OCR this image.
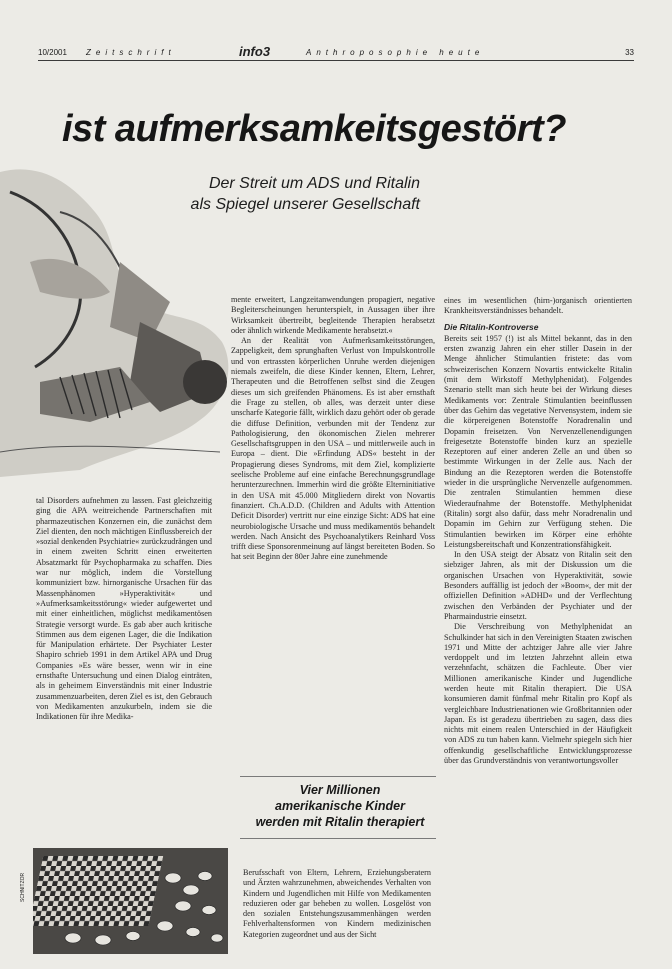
10/2001 Zeitschrift	info3	Anthroposophie heute	33
ist aufmerksamkeitsgestört?
Der Streit um ADS und Ritalin
als Spiegel unserer Gesellschaft

tal Disorders aufnehmen zu lassen. Fast gleichzeitig ging die APA weitreichende Partnerschaften mit pharmazeutischen Konzernen ein, die zunächst dem Ziel dienten, den noch mächtigen Einflussbereich der »sozial denkenden Psychiatrie« zurückzudrängen und in einem zweiten Schritt einen erweiterten Absatzmarkt für Psychopharmaka zu schaffen. Dies war nur möglich, indem die Vorstellung kommuniziert bzw. hirnorganische Ursachen für das Massenphänomen »Hyperaktivität« und »Aufmerksamkeitsstörung« wieder aufgewertet und mit einer einheitlichen, möglichst medikamentösen Strategie versorgt wurde. Es gab aber auch kritische Stimmen aus dem eigenen Lager, die die Indikation für Manipulation erhärtete. Der Psychiater Lester Shapiro schrieb 1991 in dem Artikel APA und Drug Companies »Es wäre besser, wenn wir in eine ernsthafte Untersuchung und einen Dialog einträten, als in geheimem Einverständnis mit einer Industrie zusammenzuarbeiten, deren Ziel es ist, den Gebrauch von Medikamenten anzukurbeln, indem sie die Indikationen für ihre Medika-

mente erweitert, Langzeitanwendungen propagiert, negative Begleiterscheinungen herunterspielt, in Aussagen über ihre Wirksamkeit übertreibt, begleitende Therapien herabsetzt oder ähnlich wirkende Medikamente herabsetzt.«

An der Realität von Aufmerksamkeitsstörungen, Zappeligkeit, dem sprunghaften Verlust von Impulskontrolle und von ertrassten körperlichen Unruhe werden diejenigen niemals zweifeln, die diese Kinder kennen, Eltern, Lehrer, Therapeuten und die Betroffenen selbst sind die Zeugen dieses um sich greifenden Phänomens. Es ist aber ernsthaft die Frage zu stellen, ob alles, was derzeit unter diese unscharfe Kategorie fällt, wirklich dazu gehört oder ob gerade die diffuse Definition, verbunden mit der Tendenz zur Pathologisierung, den ökonomischen Zielen mehrerer Gesellschaftsgruppen in den USA – und mittlerweile auch in Europa – dient. Die »Erfindung ADS« besteht in der Propagierung dieses Syndroms, mit dem Ziel, komplizierte seelische Probleme auf eine einfache Berechnungsgrundlage herunterzurechnen. Immerhin wird die größte Elterninitiative in den USA mit 45.000 Mitgliedern direkt von Novartis finanziert. Ch.A.D.D. (Children and Adults with Attention Deficit Disorder) vertritt nur eine einzige Sicht: ADS hat eine neurobiologische Ursache und muss medikamentös behandelt werden. Nach Ansicht des Psychoanalytikers Reinhard Voss trifft diese Sponsorenmeinung auf längst bereiteten Boden. So hat seit Beginn der 80er Jahre eine zunehmende

Vier Millionen
amerikanische Kinder
werden mit Ritalin therapiert

Berufsschaft von Eltern, Lehrern, Erziehungsberatern und Ärzten wahrzunehmen, abweichendes Verhalten von Kindern und Jugendlichen mit Hilfe von Medikamenten reduzieren oder gar beheben zu wollen. Losgelöst von den sozialen Entstehungszusammenhängen werden Fehlverhaltensformen von Kindern medizinischen Kategorien zugeordnet und aus der Sicht

eines im wesentlichen (hirn-)organisch orientierten Krankheitsverständnisses behandelt.

Die Ritalin-Kontroverse

Bereits seit 1957 (!) ist als Mittel bekannt, das in den ersten zwanzig Jahren ein eher stiller Dasein in der Menge ähnlicher Stimulantien fristete: das vom schweizerischen Konzern Novartis entwickelte Ritalin (mit dem Wirkstoff Methylphenidat). Folgendes Szenario stellt man sich heute bei der Wirkung dieses Medikaments vor: Zentrale Stimulantien beeinflussen über das Gehirn das vegetative Nervensystem, indem sie die körpereigenen Botenstoffe Noradrenalin und Dopamin freisetzen. Von Nervenzellenendigungen freigesetzte Botenstoffe binden kurz an spezielle Rezeptoren auf einer anderen Zelle an und üben so bestimmte Wirkungen in der Zelle aus. Nach der Bindung an die Rezeptoren werden die Botenstoffe wieder in die ursprüngliche Nervenzelle aufgenommen. Die zentralen Stimulantien hemmen diese Wiederaufnahme der Botenstoffe. Methylphenidat (Ritalin) sorgt also dafür, dass mehr Noradrenalin und Dopamin im Gehirn zur Verfügung stehen. Die Stimulantien bewirken im Körper eine erhöhte Leistungsbereitschaft und Konzentrationsfähigkeit.

In den USA steigt der Absatz von Ritalin seit den siebziger Jahren, als mit der Diskussion um die organischen Ursachen von Hyperaktivität, sowie Besonders auffällig ist jedoch der »Boom«, der mit der offiziellen Definition »ADHD« und der Verflechtung zwischen den Verbänden der Psychiater und der Pharmaindustrie einsetzt.

Die Verschreibung von Methylphenidat an Schulkinder hat sich in den Vereinigten Staaten zwischen 1971 und Mitte der achtziger Jahre alle vier Jahre verdoppelt und im letzten Jahrzehnt allein etwa verzehnfacht, schätzen die Fachleute. Über vier Millionen amerikanische Kinder und Jugendliche werden heute mit Ritalin therapiert. Die USA konsumieren damit fünfmal mehr Ritalin pro Kopf als vergleichbare Industrienationen wie Großbritannien oder Japan. Es ist geradezu übertrieben zu sagen, dass dies nichts mit einem realen Unterschied in der Häufigkeit von ADS zu tun haben kann. Vielmehr spiegeln sich hier offenkundig gesellschaftliche Entwicklungsprozesse über das Grundverständnis von verantwortungsvoller

SCHNITZOR
